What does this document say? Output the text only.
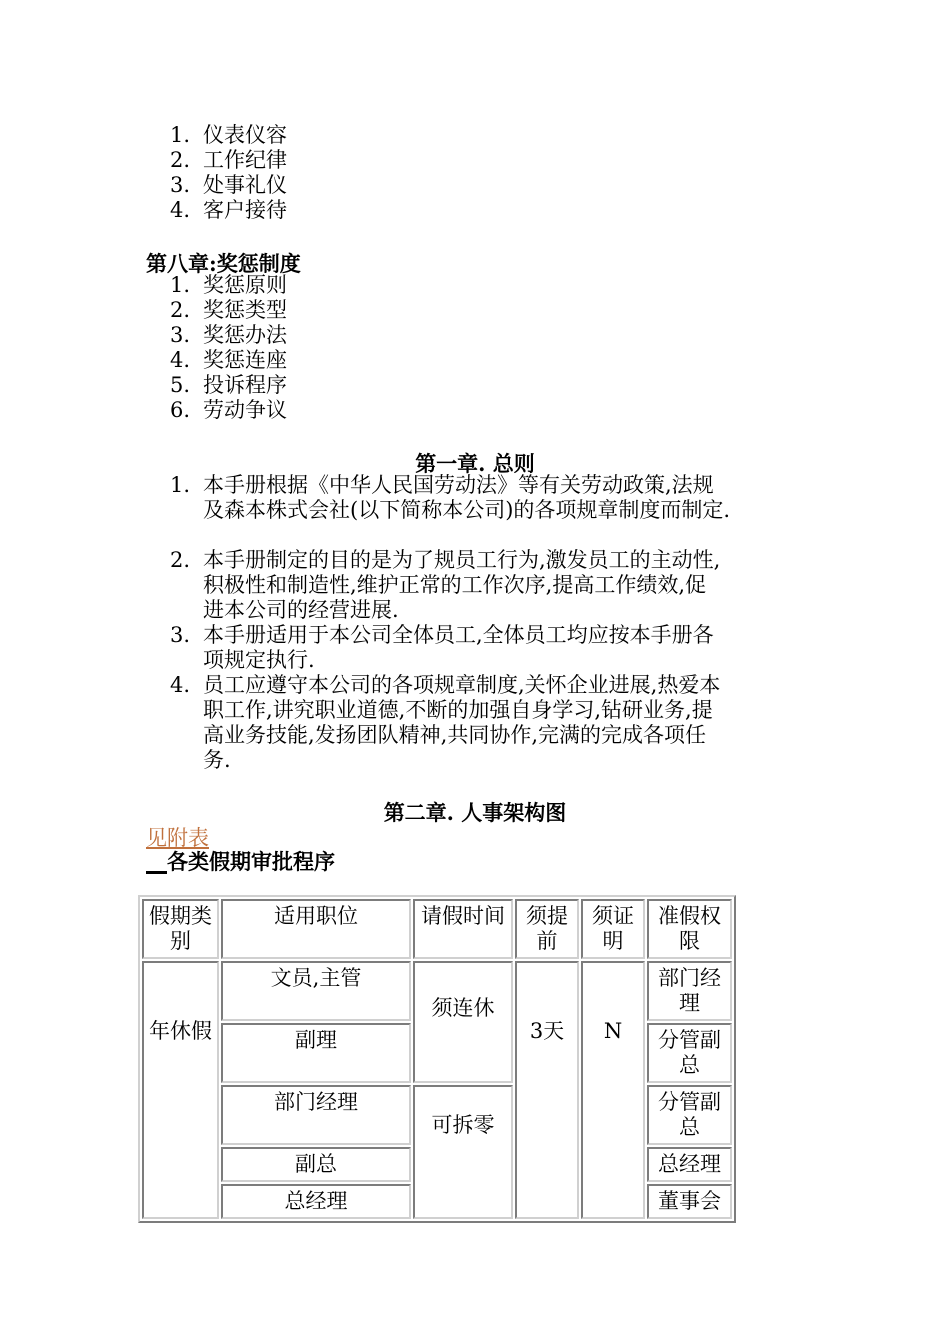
1. 仪表仪容
2. 工作纪律
3. 处事礼仪
4. 客户接待
第八章:奖惩制度
1. 奖惩原则
2. 奖惩类型
3. 奖惩办法
4. 奖惩连座
5. 投诉程序
6. 劳动争议
第一章. 总则
1. 本手册根据《中华人民国劳动法》等有关劳动政策,法规
及森本株式会社(以下简称本公司)的各项规章制度而制定.
2. 本手册制定的目的是为了规员工行为,激发员工的主动性,
积极性和制造性,维护正常的工作次序,提高工作绩效,促
进本公司的经营进展.
3. 本手册适用于本公司全体员工,全体员工均应按本手册各
项规定执行.
4. 员工应遵守本公司的各项规章制度,关怀企业进展,热爱本
职工作,讲究职业道德,不断的加强自身学习,钻研业务,提
高业务技能,发扬团队精神,共同协作,完满的完成各项任
务.
第二章. 人事架构图
见附表
__各类假期审批程序
假期类别	适用职位	请假时间	须提前	须证明	准假权限
年休假	文员,主管	须连休	3天	N	部门经理
	副理				分管副总
	部门经理	可拆零			分管副总
	副总				总经理
	总经理				董事会
